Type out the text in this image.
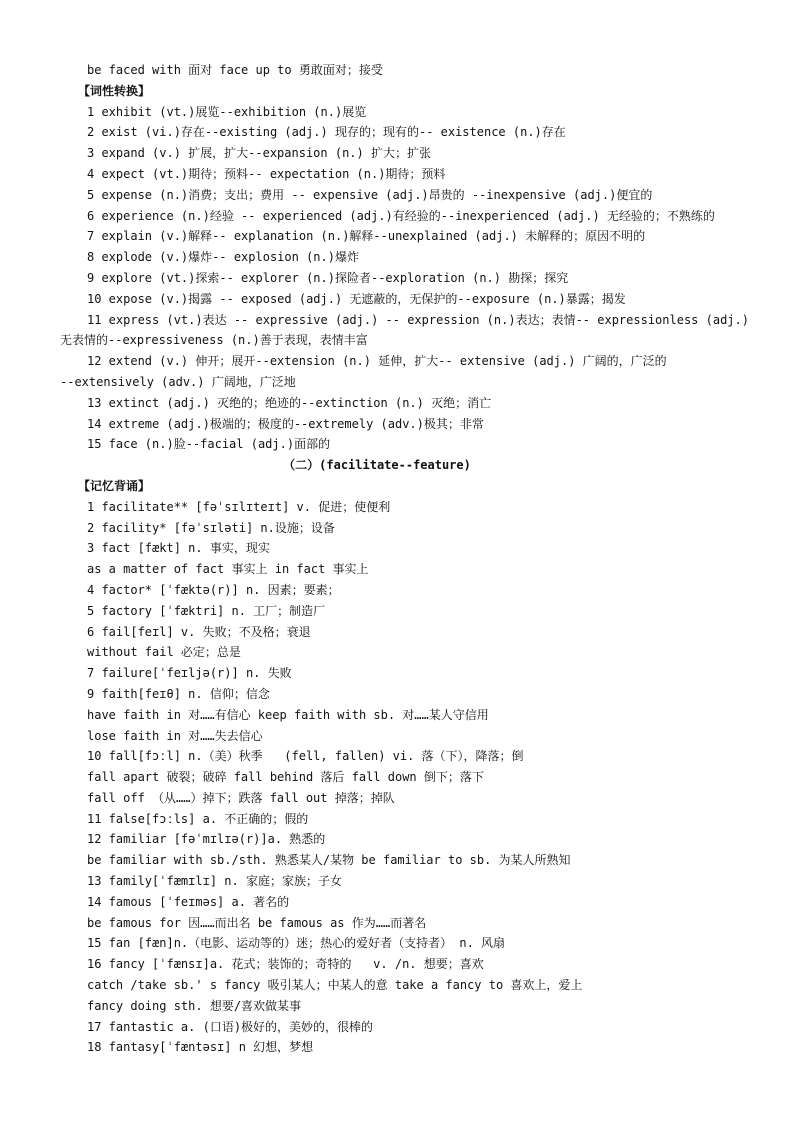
be faced with 面对 face up to 勇敢面对；接受
【词性转换】
1 exhibit (vt.)展览--exhibition (n.)展览
2 exist (vi.)存在--existing (adj.) 现存的；现有的-- existence (n.)存在
3 expand (v.) 扩展，扩大--expansion (n.) 扩大；扩张
4 expect (vt.)期待；预料-- expectation (n.)期待；预料
5 expense (n.)消费；支出；费用 -- expensive (adj.)昂贵的 --inexpensive (adj.)便宜的
6 experience (n.)经验 -- experienced (adj.)有经验的--inexperienced (adj.) 无经验的；不熟练的
7 explain (v.)解释-- explanation (n.)解释--unexplained (adj.) 未解释的；原因不明的
8 explode (v.)爆炸-- explosion (n.)爆炸
9 explore (vt.)探索-- explorer (n.)探险者--exploration (n.) 勘探；探究
10 expose (v.)揭露 -- exposed (adj.) 无遮蔽的，无保护的--exposure (n.)暴露；揭发
11 express (vt.)表达 -- expressive (adj.) -- expression (n.)表达；表情-- expressionless (adj.)
无表情的--expressiveness (n.)善于表现，表情丰富
12 extend (v.) 伸开；展开--extension (n.) 延伸，扩大-- extensive (adj.) 广阔的，广泛的
--extensively (adv.) 广阔地，广泛地
13 extinct (adj.) 灭绝的；绝迹的--extinction (n.) 灭绝；消亡
14 extreme (adj.)极端的；极度的--extremely (adv.)极其；非常
15 face (n.)脸--facial (adj.)面部的
（二）(facilitate--feature)
【记忆背诵】
1 facilitate** [fəˈsɪlɪteɪt] v. 促进；使便利
2 facility* [fəˈsɪləti] n.设施；设备
3 fact [fækt] n. 事实，现实
as a matter of fact 事实上 in fact 事实上
4 factor* [ˈfæktə(r)] n. 因素；要素；
5 factory [ˈfæktri] n. 工厂；制造厂
6 fail[feɪl] v. 失败；不及格；衰退
without fail 必定；总是
7 failure[ˈfeɪljə(r)] n. 失败
9 faith[feɪθ] n. 信仰；信念
have faith in 对……有信心 keep faith with sb. 对……某人守信用
lose faith in 对……失去信心
10 fall[fɔːl] n.（美）秋季   (fell, fallen) vi. 落（下），降落；倒
fall apart 破裂；破碎 fall behind 落后 fall down 倒下；落下
fall off （从……）掉下；跌落 fall out 掉落；掉队
11 false[fɔːls] a. 不正确的；假的
12 familiar [fəˈmɪlɪə(r)]a. 熟悉的
be familiar with sb./sth. 熟悉某人/某物 be familiar to sb. 为某人所熟知
13 family[ˈfæmɪlɪ] n. 家庭；家族；子女
14 famous [ˈfeɪməs] a. 著名的
be famous for 因……而出名 be famous as 作为……而著名
15 fan [fæn]n.（电影、运动等的）迷；热心的爱好者（支持者） n. 风扇
16 fancy [ˈfænsɪ]a. 花式；装饰的；奇特的   v. /n. 想要；喜欢
catch /take sb.' s fancy 吸引某人；中某人的意 take a fancy to 喜欢上，爱上
fancy doing sth. 想要/喜欢做某事
17 fantastic a. (口语)极好的，美妙的，很棒的
18 fantasy[ˈfæntəsɪ] n 幻想，梦想
